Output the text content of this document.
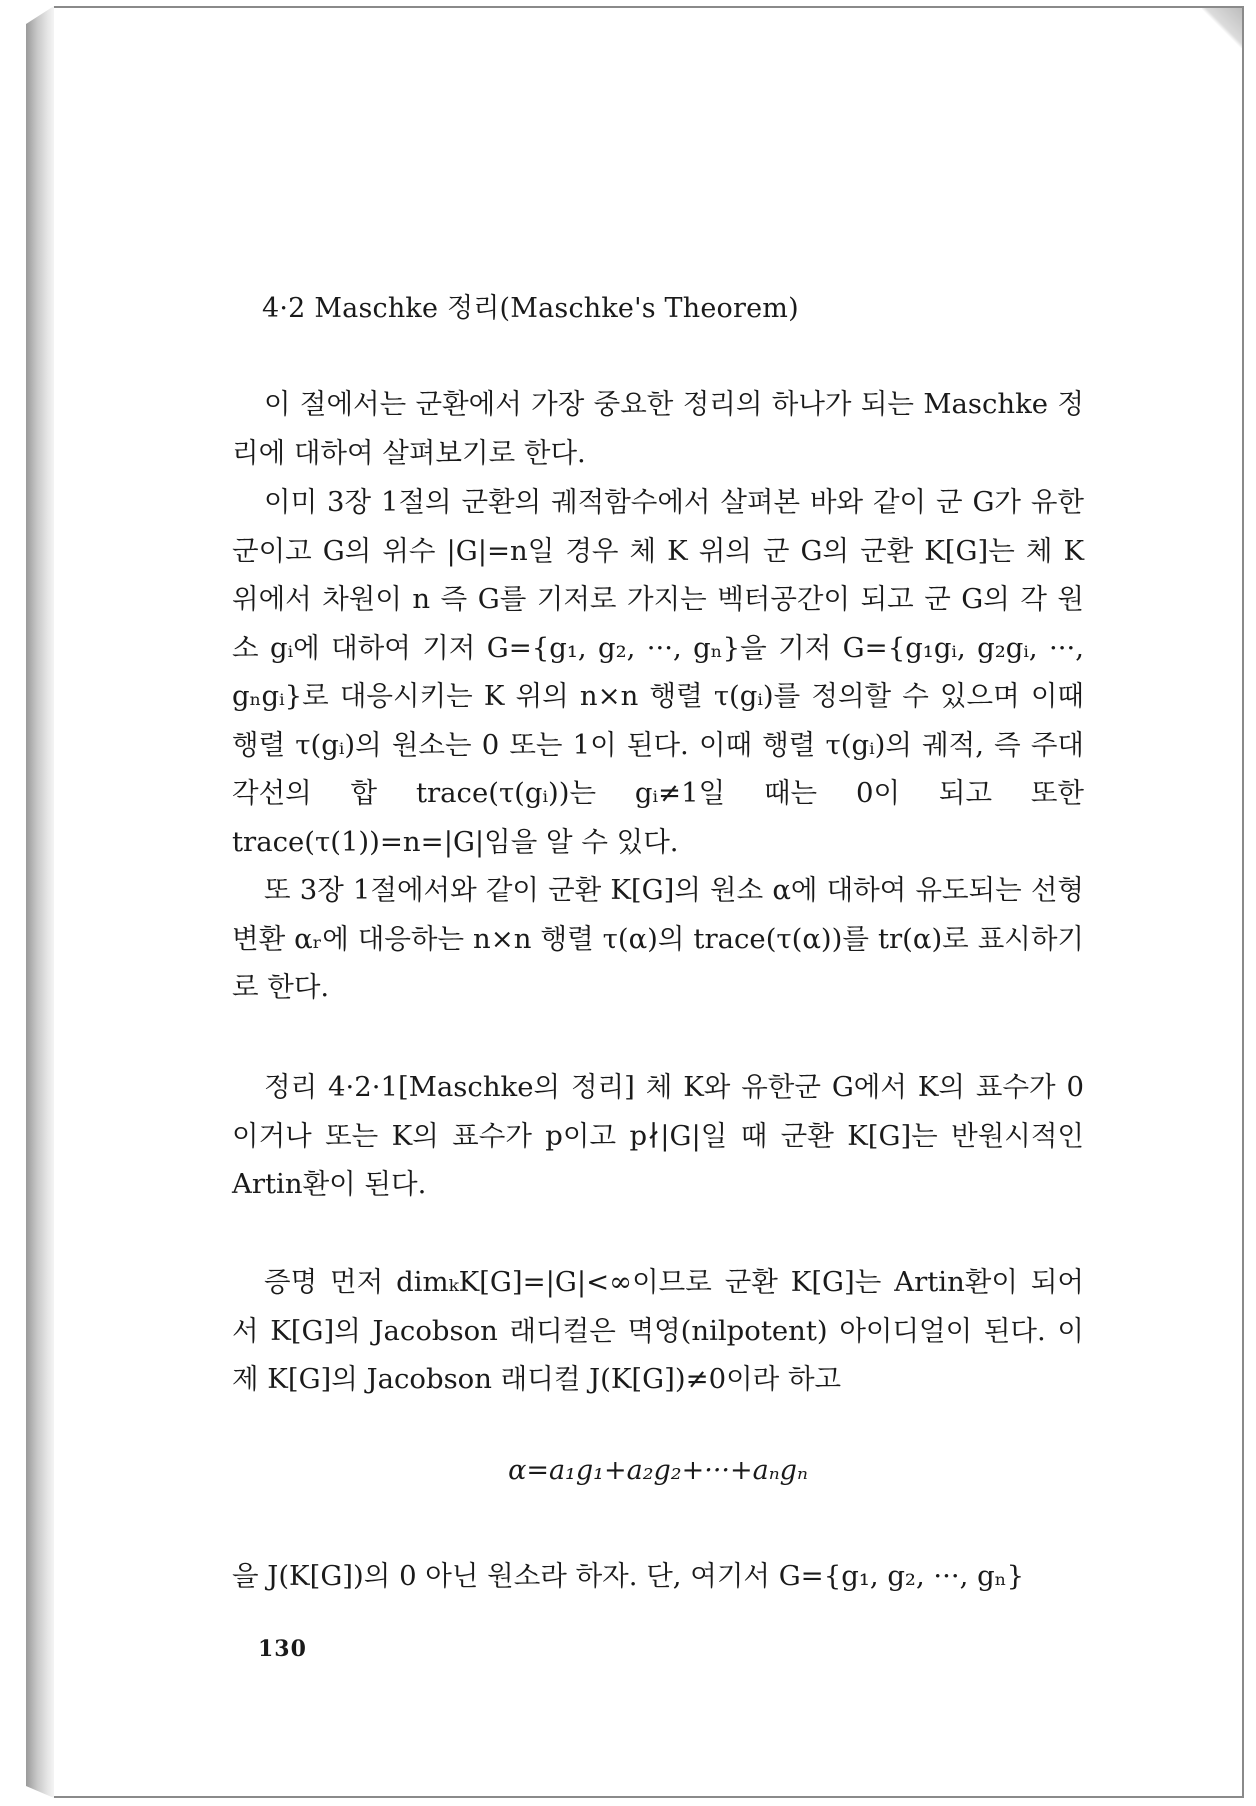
4·2 Maschke 정리(Maschke's Theorem)

이 절에서는 군환에서 가장 중요한 정리의 하나가 되는 Maschke 정리에 대하여 살펴보기로 한다.

이미 3장 1절의 군환의 궤적함수에서 살펴본 바와 같이 군 G가 유한군이고 G의 위수 |G|=n일 경우 체 K 위의 군 G의 군환 K[G]는 체 K 위에서 차원이 n 즉 G를 기저로 가지는 벡터공간이 되고 군 G의 각 원소 gᵢ에 대하여 기저 G={g₁, g₂, ···, gₙ}을 기저 G={g₁gᵢ, g₂gᵢ, ···, gₙgᵢ}로 대응시키는 K 위의 n×n 행렬 τ(gᵢ)를 정의할 수 있으며 이때 행렬 τ(gᵢ)의 원소는 0 또는 1이 된다. 이때 행렬 τ(gᵢ)의 궤적, 즉 주대각선의 합 trace(τ(gᵢ))는 gᵢ≠1일 때는 0이 되고 또한 trace(τ(1))=n=|G|임을 알 수 있다.

또 3장 1절에서와 같이 군환 K[G]의 원소 α에 대하여 유도되는 선형변환 αᵣ에 대응하는 n×n 행렬 τ(α)의 trace(τ(α))를 tr(α)로 표시하기로 한다.

정리 4·2·1[Maschke의 정리] 체 K와 유한군 G에서 K의 표수가 0이거나 또는 K의 표수가 p이고 p∤|G|일 때 군환 K[G]는 반원시적인 Artin환이 된다.

증명 먼저 dimₖK[G]=|G|<∞이므로 군환 K[G]는 Artin환이 되어서 K[G]의 Jacobson 래디컬은 멱영(nilpotent) 아이디얼이 된다. 이제 K[G]의 Jacobson 래디컬 J(K[G])≠0이라 하고

α=a₁g₁+a₂g₂+···+aₙgₙ
을 J(K[G])의 0 아닌 원소라 하자. 단, 여기서 G={g₁, g₂, ···, gₙ}
130
